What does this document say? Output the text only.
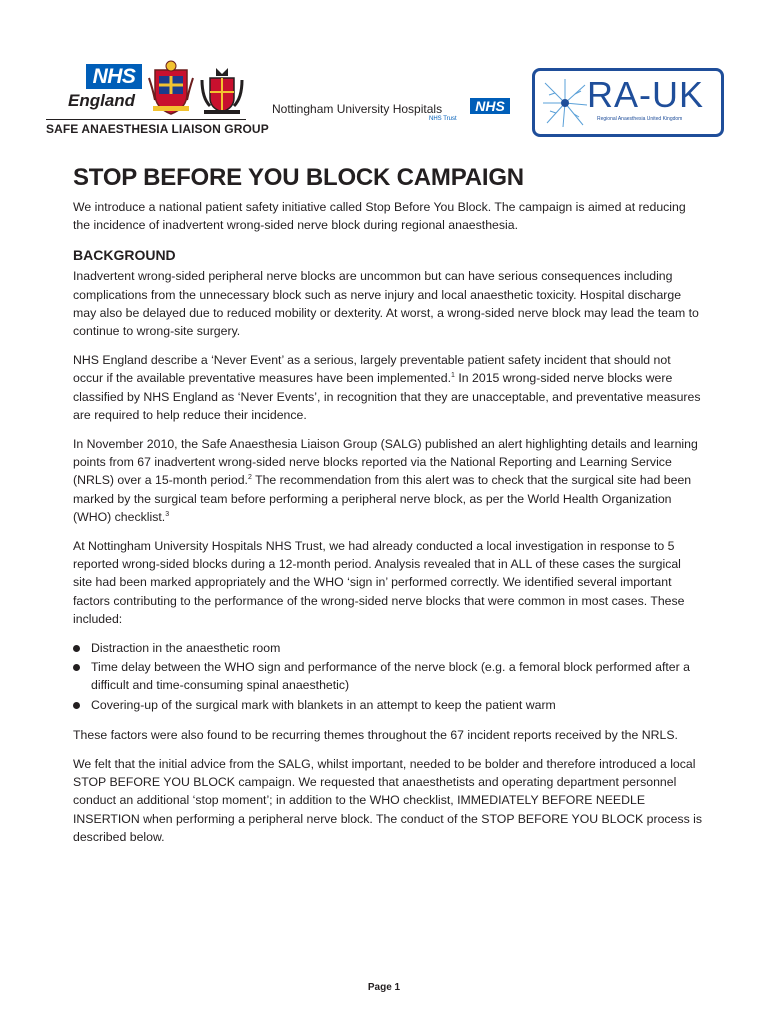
NHS
England
SAFE ANAESTHESIA LIAISON GROUP
Nottingham University Hospitals	NHS
NHS Trust
RA-UK
Regional Anaesthesia United Kingdom
STOP BEFORE YOU BLOCK CAMPAIGN

We introduce a national patient safety initiative called Stop Before You Block. The campaign is aimed at reducing the incidence of inadvertent wrong-sided nerve block during regional anaesthesia.

BACKGROUND

Inadvertent wrong-sided peripheral nerve blocks are uncommon but can have serious consequences including complications from the unnecessary block such as nerve injury and local anaesthetic toxicity. Hospital discharge may also be delayed due to reduced mobility or dexterity. At worst, a wrong-sided nerve block may lead the team to continue to wrong-site surgery.

NHS England describe a ‘Never Event’ as a serious, largely preventable patient safety incident that should not occur if the available preventative measures have been implemented.$^1$ In 2015 wrong-sided nerve blocks were classified by NHS England as ‘Never Events’, in recognition that they are unacceptable, and preventative measures are required to help reduce their incidence.

In November 2010, the Safe Anaesthesia Liaison Group (SALG) published an alert highlighting details and learning points from 67 inadvertent wrong-sided nerve blocks reported via the National Reporting and Learning Service (NRLS) over a 15-month period.$^2$ The recommendation from this alert was to check that the surgical site had been marked by the surgical team before performing a peripheral nerve block, as per the World Health Organization (WHO) checklist.$^3$

At Nottingham University Hospitals NHS Trust, we had already conducted a local investigation in response to 5 reported wrong-sided blocks during a 12-month period. Analysis revealed that in ALL of these cases the surgical site had been marked appropriately and the WHO ‘sign in’ performed correctly. We identified several important factors contributing to the performance of the wrong-sided nerve blocks that were common in most cases. These included:

Distraction in the anaesthetic room
Time delay between the WHO sign and performance of the nerve block (e.g. a femoral block performed after a difficult and time-consuming spinal anaesthetic)
Covering-up of the surgical mark with blankets in an attempt to keep the patient warm

These factors were also found to be recurring themes throughout the 67 incident reports received by the NRLS.

We felt that the initial advice from the SALG, whilst important, needed to be bolder and therefore introduced a local STOP BEFORE YOU BLOCK campaign. We requested that anaesthetists and operating department personnel conduct an additional ‘stop moment’; in addition to the WHO checklist, IMMEDIATELY BEFORE NEEDLE INSERTION when performing a peripheral nerve block. The conduct of the STOP BEFORE YOU BLOCK process is described below.

Page 1
